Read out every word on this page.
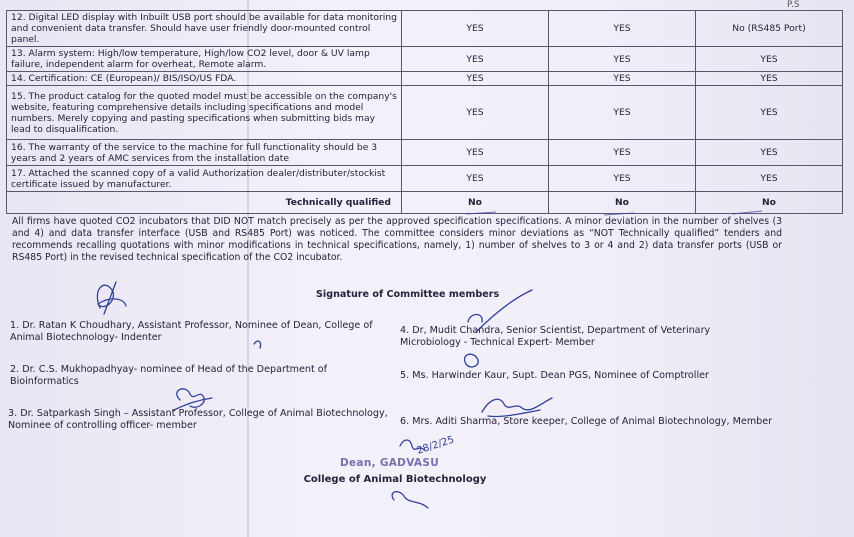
P.S
12. Digital LED display with Inbuilt USB port should be available for data monitoring and convenient data transfer. Should have user friendly door-mounted control panel.	YES	YES	No (RS485 Port)
13. Alarm system: High/low temperature, High/low CO2 level, door & UV lamp failure, independent alarm for overheat, Remote alarm.	YES	YES	YES
14. Certification: CE (European)/ BIS/ISO/US FDA.	YES	YES	YES
15. The product catalog for the quoted model must be accessible on the company's website, featuring comprehensive details including specifications and model numbers. Merely copying and pasting specifications when submitting bids may lead to disqualification.	YES	YES	YES
16. The warranty of the service to the machine for full functionality should be 3 years and 2 years of AMC services from the installation date	YES	YES	YES
17. Attached the scanned copy of a valid Authorization dealer/distributer/stockist certificate issued by manufacturer.	YES	YES	YES
Technically qualified	No	No	No
All firms have quoted CO2 incubators that DID NOT match precisely as per the approved specification specifications. A minor deviation in the number of shelves (3 and 4) and data transfer interface (USB and RS485 Port) was noticed. The committee considers minor deviations as “NOT Technically qualified” tenders and recommends recalling quotations with minor modifications in technical specifications, namely, 1) number of shelves to 3 or 4 and 2) data transfer ports (USB or RS485 Port) in the revised technical specification of the CO2 incubator.
Signature of Committee members
1. Dr. Ratan K Choudhary, Assistant Professor, Nominee of Dean, College of Animal Biotechnology- Indenter
2. Dr. C.S. Mukhopadhyay- nominee of Head of the Department of Bioinformatics
3. Dr. Satparkash Singh – Assistant Professor, College of Animal Biotechnology, Nominee of controlling officer- member
4. Dr, Mudit Chandra, Senior Scientist, Department of Veterinary Microbiology - Technical Expert- Member
5. Ms. Harwinder Kaur, Supt. Dean PGS, Nominee of Comptroller
6. Mrs. Aditi Sharma, Store keeper, College of Animal Biotechnology, Member
Dean, GADVASU
College of Animal Biotechnology
28/2/25
